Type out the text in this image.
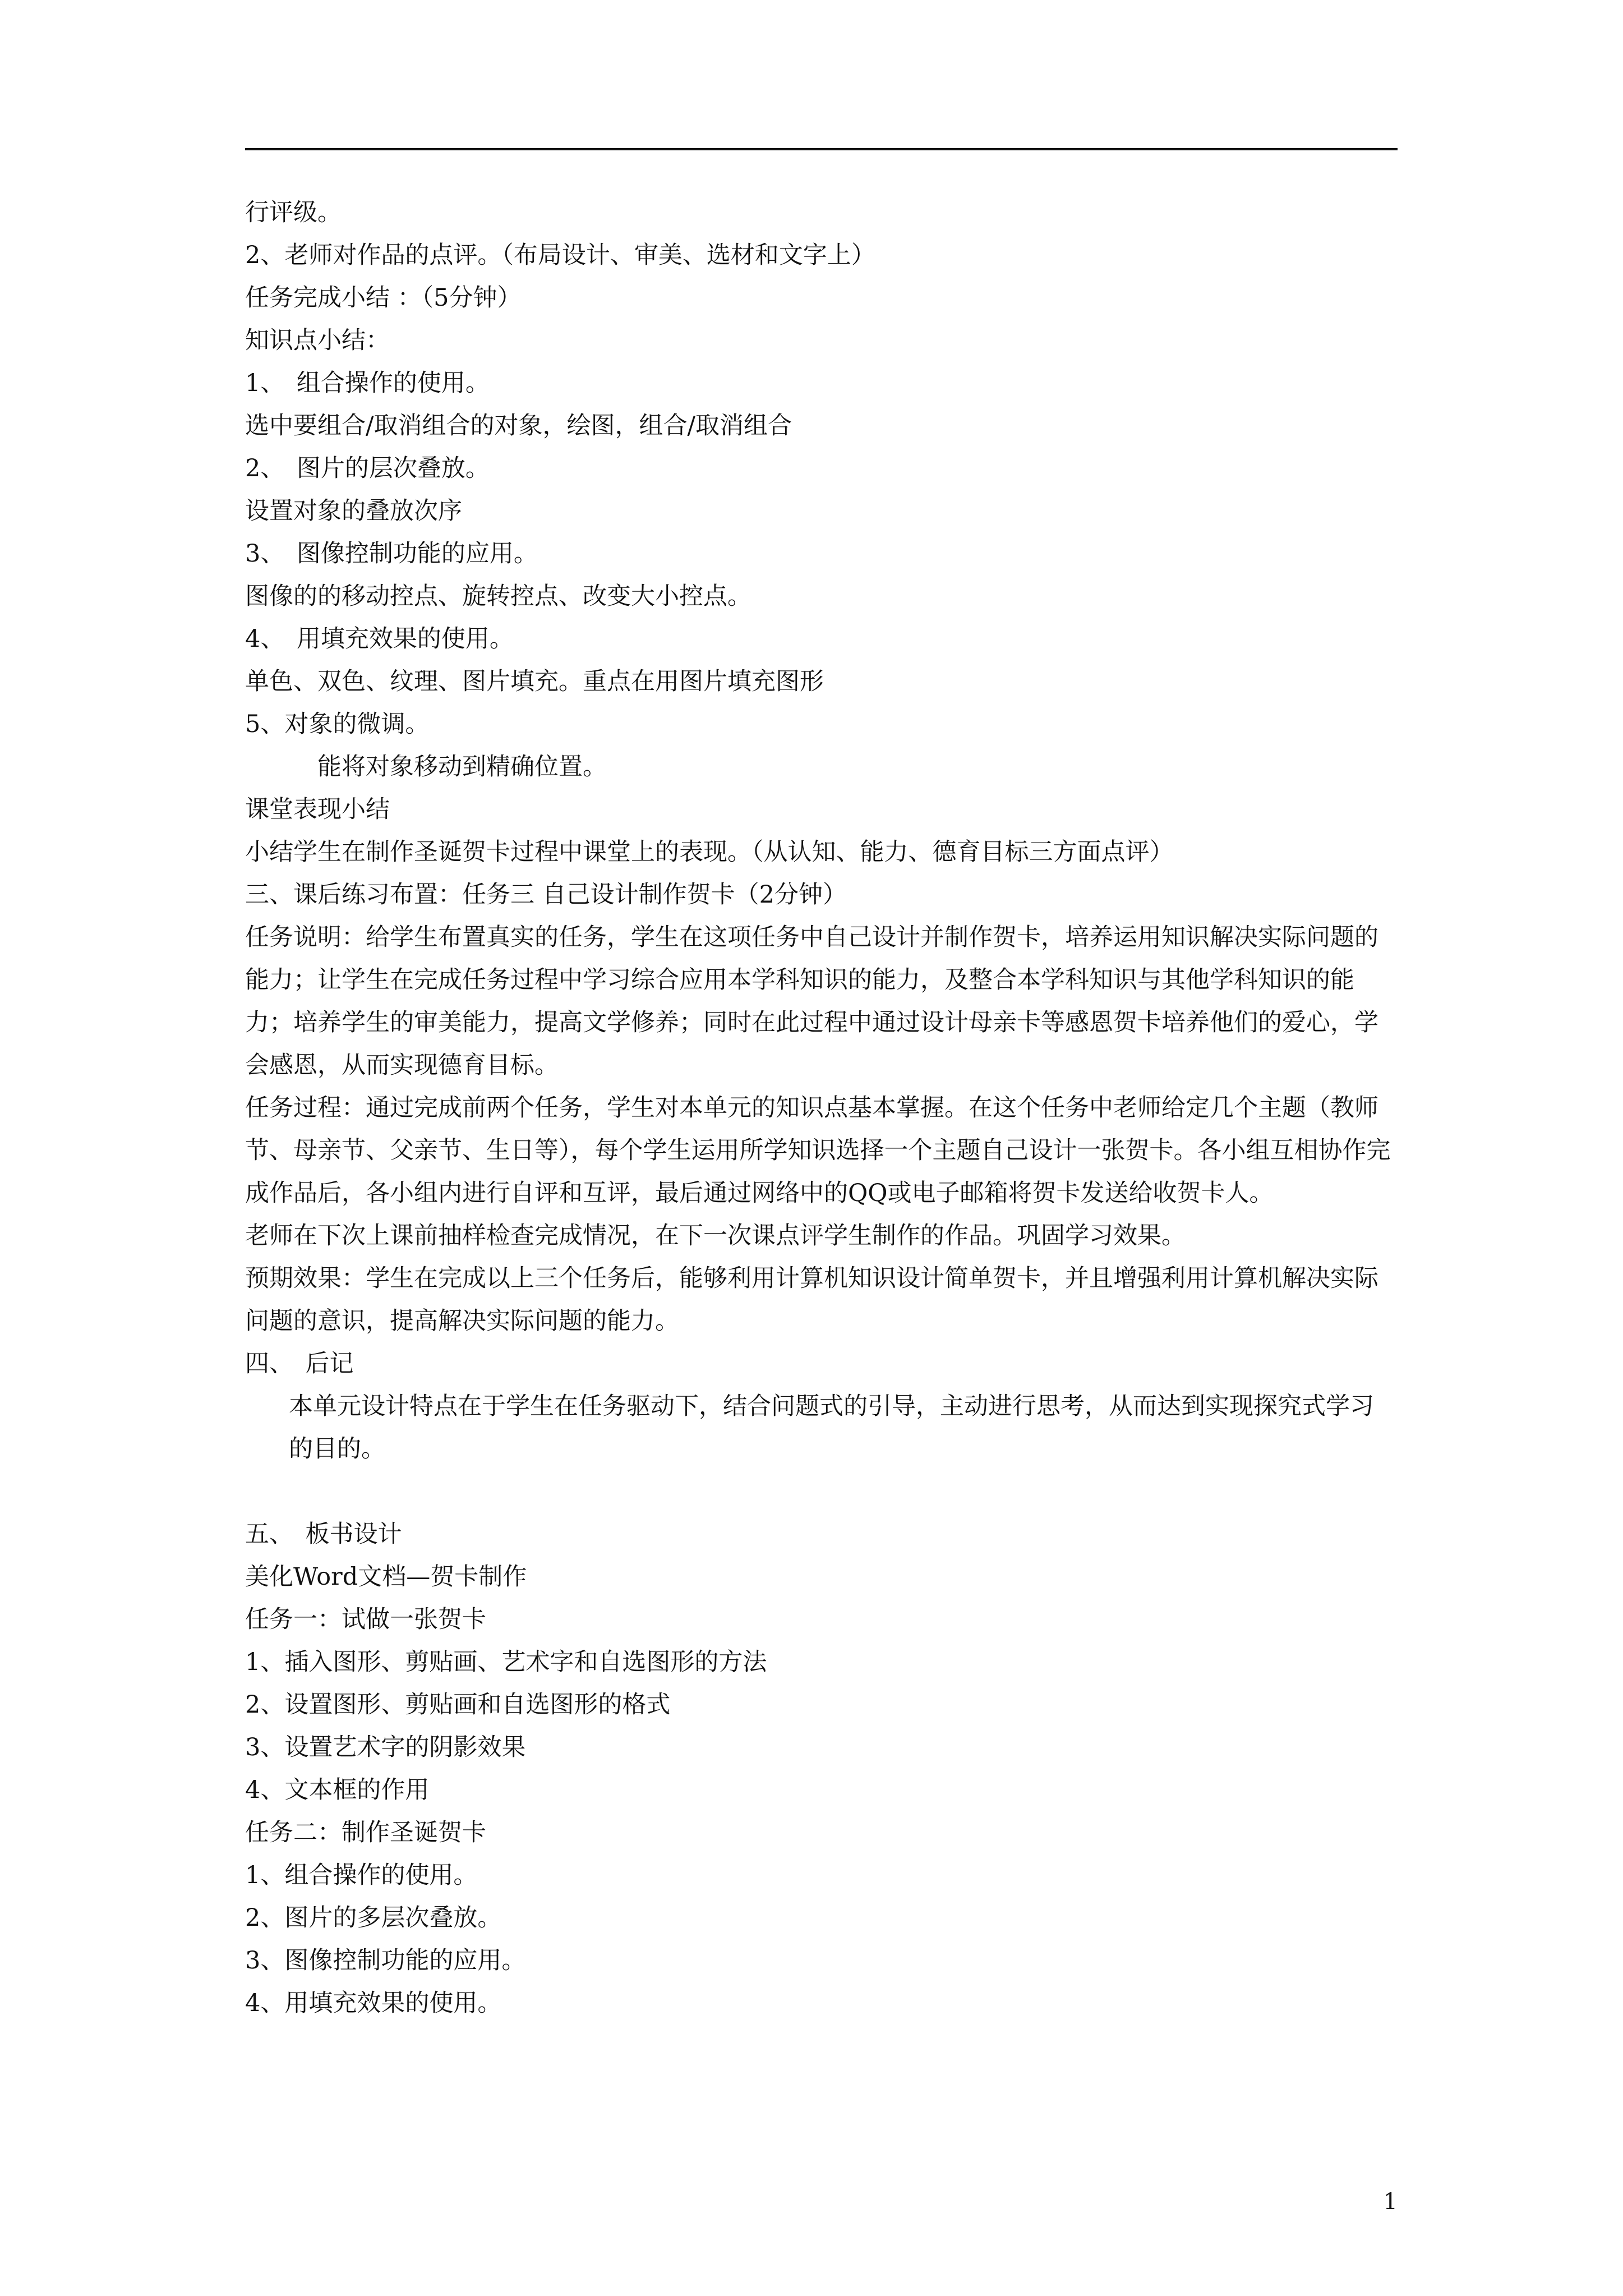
行评级。
2、老师对作品的点评。（布局设计、审美、选材和文字上）
任务完成小结 ：（5分钟）
知识点小结：
1、　组合操作的使用。
选中要组合/取消组合的对象，绘图，组合/取消组合
2、　图片的层次叠放。
设置对象的叠放次序
3、　图像控制功能的应用。
图像的的移动控点、旋转控点、改变大小控点。
4、　用填充效果的使用。
单色、双色、纹理、图片填充。重点在用图片填充图形
5、对象的微调。
能将对象移动到精确位置。
课堂表现小结
小结学生在制作圣诞贺卡过程中课堂上的表现。（从认知、能力、德育目标三方面点评）
三、课后练习布置：任务三 自己设计制作贺卡（2分钟）
任务说明：给学生布置真实的任务，学生在这项任务中自己设计并制作贺卡，培养运用知识解决实际问题的能力；让学生在完成任务过程中学习综合应用本学科知识的能力，及整合本学科知识与其他学科知识的能力；培养学生的审美能力，提高文学修养；同时在此过程中通过设计母亲卡等感恩贺卡培养他们的爱心，学会感恩，从而实现德育目标。
任务过程：通过完成前两个任务，学生对本单元的知识点基本掌握。在这个任务中老师给定几个主题（教师节、母亲节、父亲节、生日等），每个学生运用所学知识选择一个主题自己设计一张贺卡。各小组互相协作完成作品后，各小组内进行自评和互评，最后通过网络中的QQ或电子邮箱将贺卡发送给收贺卡人。
老师在下次上课前抽样检查完成情况，在下一次课点评学生制作的作品。巩固学习效果。
预期效果：学生在完成以上三个任务后，能够利用计算机知识设计简单贺卡，并且增强利用计算机解决实际问题的意识，提高解决实际问题的能力。
四、　后记
本单元设计特点在于学生在任务驱动下，结合问题式的引导，主动进行思考，从而达到实现探究式学习的目的。
五、　板书设计
美化Word文档—贺卡制作
任务一：试做一张贺卡
1、插入图形、剪贴画、艺术字和自选图形的方法
2、设置图形、剪贴画和自选图形的格式
3、设置艺术字的阴影效果
4、文本框的作用
任务二：制作圣诞贺卡
1、组合操作的使用。
2、图片的多层次叠放。
3、图像控制功能的应用。
4、用填充效果的使用。
1
